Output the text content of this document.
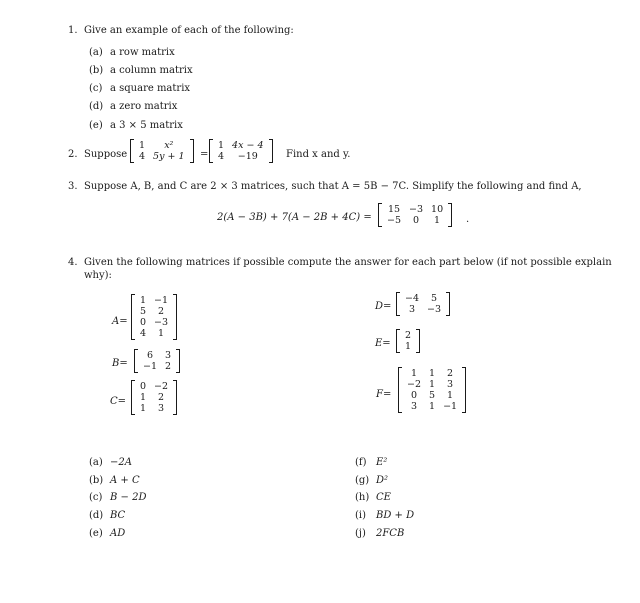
1. Give an example of each of the following:
(a) a row matrix
(b) a column matrix
(c) a square matrix
(d) a zero matrix
(e) a 3 × 5 matrix
2. Suppose
1	x²
4	5y + 1 =
1	4x − 4
4	−19	Find x and y.
3. Suppose A, B, and C are 2 × 3 matrices, such that A = 5B − 7C. Simplify the following and find A,
2(A − 3B) + 7(A − 2B + 4C) =
15	−3	10
−5	0	1	.
4. Given the following matrices if possible compute the answer for each part below (if not possible explain
why):
A=
1	−1
5	2
0	−3
4	1
B=
6	3
−1	2
C=
0	−2
1	2
1	3
D=
−4	5
3	−3
E=
2
1
F=
1	1	2
−2	1	3
0	5	1
3	1	−1
(a) −2A
(b) A + C
(c) B − 2D
(d) BC
(e) AD
(f) E²
(g) D²
(h) CE
(i) BD + D
(j) 2FCB
